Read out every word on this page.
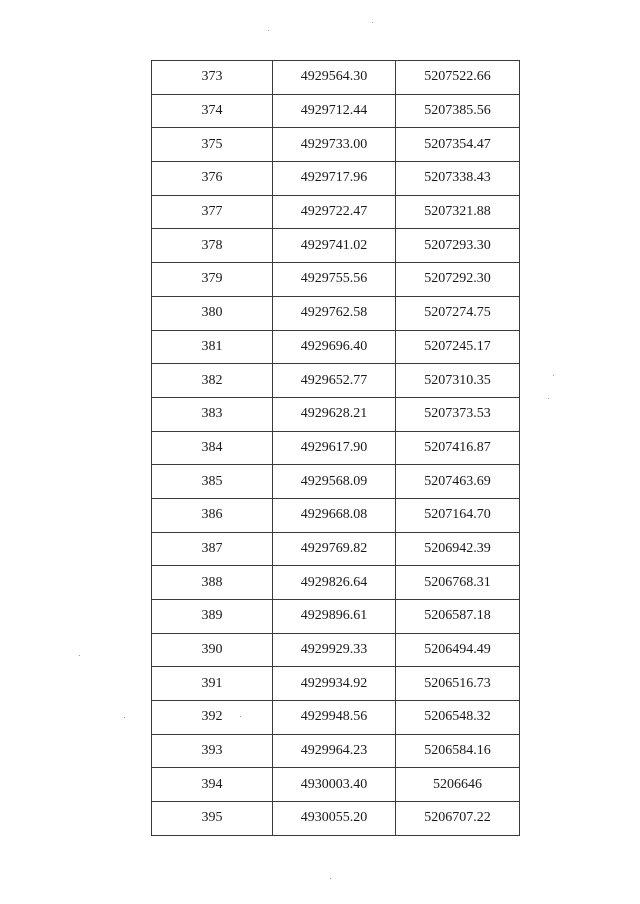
373	4929564.30	5207522.66
374	4929712.44	5207385.56
375	4929733.00	5207354.47
376	4929717.96	5207338.43
377	4929722.47	5207321.88
378	4929741.02	5207293.30
379	4929755.56	5207292.30
380	4929762.58	5207274.75
381	4929696.40	5207245.17
382	4929652.77	5207310.35
383	4929628.21	5207373.53
384	4929617.90	5207416.87
385	4929568.09	5207463.69
386	4929668.08	5207164.70
387	4929769.82	5206942.39
388	4929826.64	5206768.31
389	4929896.61	5206587.18
390	4929929.33	5206494.49
391	4929934.92	5206516.73
392	4929948.56	5206548.32
393	4929964.23	5206584.16
394	4930003.40	5206646
395	4930055.20	5206707.22
